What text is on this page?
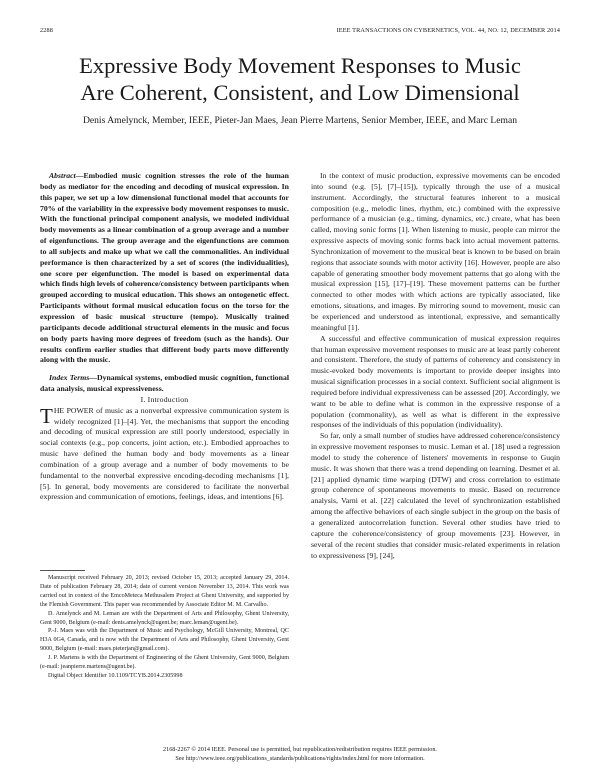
2288	IEEE TRANSACTIONS ON CYBERNETICS, VOL. 44, NO. 12, DECEMBER 2014
Expressive Body Movement Responses to Music
Are Coherent, Consistent, and Low Dimensional
Denis Amelynck, Member, IEEE, Pieter-Jan Maes, Jean Pierre Martens, Senior Member, IEEE, and Marc Leman

Abstract—Embodied music cognition stresses the role of the human body as mediator for the encoding and decoding of musical expression. In this paper, we set up a low dimensional functional model that accounts for 70% of the variability in the expressive body movement responses to music. With the functional principal component analysis, we modeled individual body movements as a linear combination of a group average and a number of eigenfunctions. The group average and the eigenfunctions are common to all subjects and make up what we call the commonalities. An individual performance is then characterized by a set of scores (the individualities), one score per eigenfunction. The model is based on experimental data which finds high levels of coherence/consistency between participants when grouped according to musical education. This shows an ontogenetic effect. Participants without formal musical education focus on the torso for the expression of basic musical structure (tempo). Musically trained participants decode additional structural elements in the music and focus on body parts having more degrees of freedom (such as the hands). Our results confirm earlier studies that different body parts move differently along with the music.

Index Terms—Dynamical systems, embodied music cognition, functional data analysis, musical expressiveness.

I. Introduction

THE POWER of music as a nonverbal expressive communication system is widely recognized [1]–[4]. Yet, the mechanisms that support the encoding and decoding of musical expression are still poorly understood, especially in social contexts (e.g., pop concerts, joint action, etc.). Embodied approaches to music have defined the human body and body movements as a linear combination of a group average and a number of body movements to be fundamental to the nonverbal expressive encoding-decoding mechanisms [1], [5]. In general, body movements are considered to facilitate the nonverbal expression and communication of emotions, feelings, ideas, and intentions [6].

Manuscript received February 20, 2013; revised October 15, 2013; accepted January 29, 2014. Date of publication February 28, 2014; date of current version November 13, 2014. This work was carried out in context of the EmcoMeteca Methusalem Project at Ghent University, and supported by the Flemish Government. This paper was recommended by Associate Editor M. M. Carvalho.

D. Amelynck and M. Leman are with the Department of Arts and Philosophy, Ghent University, Gent 9000, Belgium (e-mail: denis.amelynck@ugent.be; marc.leman@ugent.be).

P.-J. Maes was with the Department of Music and Psychology, McGill University, Montreal, QC H3A 0G4, Canada, and is now with the Department of Arts and Philosophy, Ghent University, Gent 9000, Belgium (e-mail: maes.pieterjan@gmail.com).

J. P. Martens is with the Department of Engineering of the Ghent University, Gent 9000, Belgium (e-mail: jeanpierre.martens@ugent.be).

Digital Object Identifier 10.1109/TCYB.2014.2305998

In the context of music production, expressive movements can be encoded into sound (e.g. [5], [7]–[15]), typically through the use of a musical instrument. Accordingly, the structural features inherent to a musical composition (e.g., melodic lines, rhythm, etc.) combined with the expressive performance of a musician (e.g., timing, dynamics, etc.) create, what has been called, moving sonic forms [1]. When listening to music, people can mirror the expressive aspects of moving sonic forms back into actual movement patterns. Synchronization of movement to the musical beat is known to be based on brain regions that associate sounds with motor activity [16]. However, people are also capable of generating smoother body movement patterns that go along with the musical expression [15], [17]–[19]. These movement patterns can be further connected to other modes with which actions are typically associated, like emotions, situations, and images. By mirroring sound to movement, music can be experienced and understood as intentional, expressive, and semantically meaningful [1].

A successful and effective communication of musical expression requires that human expressive movement responses to music are at least partly coherent and consistent. Therefore, the study of patterns of coherency and consistency in music-evoked body movements is important to provide deeper insights into musical signification processes in a social context. Sufficient social alignment is required before individual expressiveness can be assessed [20]. Accordingly, we want to be able to define what is common in the expressive response of a population (commonality), as well as what is different in the expressive responses of the individuals of this population (individuality).

So far, only a small number of studies have addressed coherence/consistency in expressive movement responses to music. Leman et al. [18] used a regression model to study the coherence of listeners' movements in response to Guqin music. It was shown that there was a trend depending on learning. Desmet et al. [21] applied dynamic time warping (DTW) and cross correlation to estimate group coherence of spontaneous movements to music. Based on recurrence analysis, Varni et al. [22] calculated the level of synchronization established among the affective behaviors of each single subject in the group on the basis of a generalized autocorrelation function. Several other studies have tried to capture the coherence/consistency of group movements [23]. However, in several of the recent studies that consider music-related experiments in relation to expressiveness [9], [24],

2168-2267 © 2014 IEEE. Personal use is permitted, but republication/redistribution requires IEEE permission.
See http://www.ieee.org/publications_standards/publications/rights/index.html for more information.
